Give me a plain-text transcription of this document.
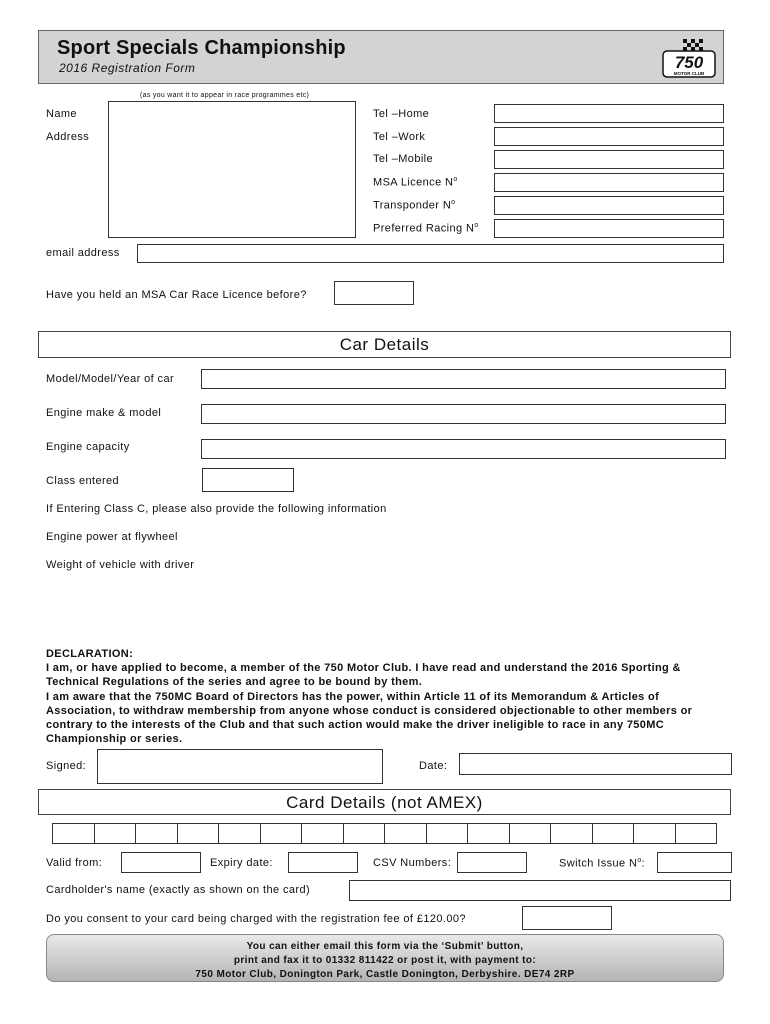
Sport Specials Championship
2016 Registration Form	750
MOTOR CLUB
(as you want it to appear in race programmes etc)
Name
Address
Tel –Home
Tel –Work
Tel –Mobile
MSA Licence $N^o$
Transponder $N^o$
Preferred Racing $N^o$
email address
Have you held an MSA Car Race Licence before?
Car Details
Model/Model/Year of car
Engine make & model
Engine capacity
Class entered
If Entering Class C, please also provide the following information
Engine power at flywheel
Weight of vehicle with driver
DECLARATION:
I am, or have applied to become, a member of the 750 Motor Club. I have read and understand the 2016 Sporting & Technical Regulations of the series and agree to be bound by them.
I am aware that the 750MC Board of Directors has the power, within Article 11 of its Memorandum & Articles of Association, to withdraw membership from anyone whose conduct is considered objectionable to other members or contrary to the interests of the Club and that such action would make the driver ineligible to race in any 750MC Championship or series.
Signed:	Date:
Card Details (not AMEX)
Valid from:	Expiry date:	CSV Numbers:	Switch Issue $N^o$:
Cardholder's name (exactly as shown on the card)
Do you consent to your card being charged with the registration fee of £120.00?
You can either email this form via the ‘Submit’ button,
print and fax it to 01332 811422 or post it, with payment to:
750 Motor Club, Donington Park, Castle Donington, Derbyshire. DE74 2RP
